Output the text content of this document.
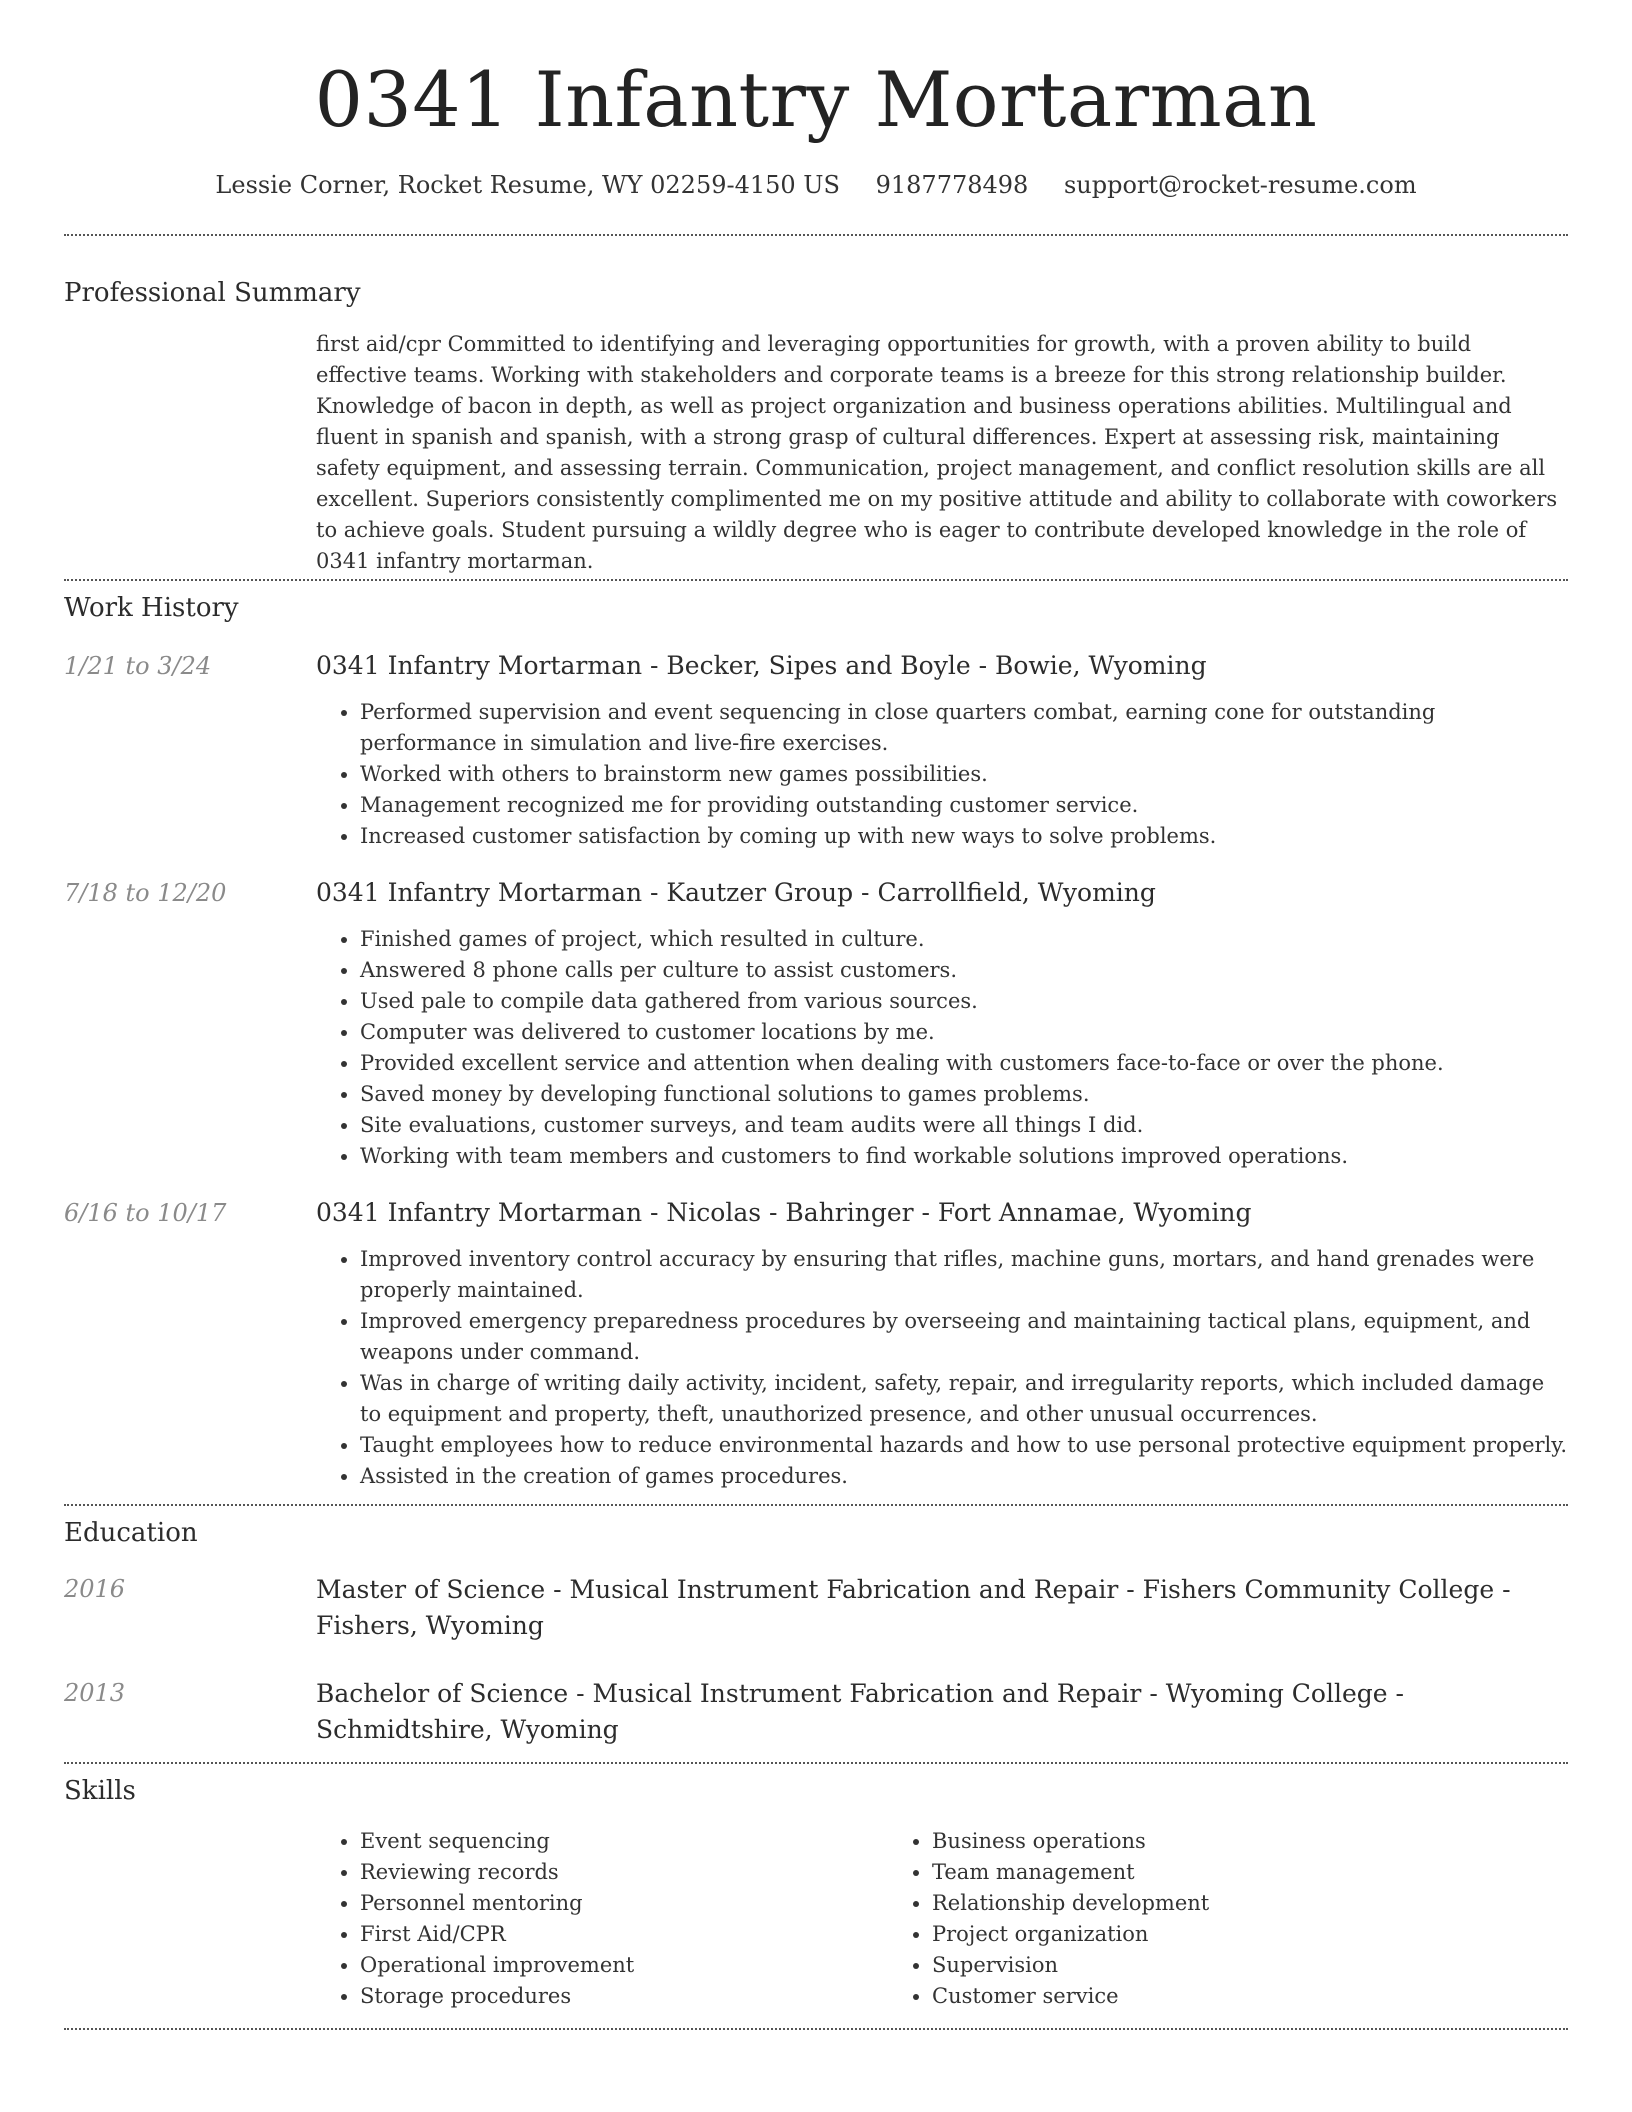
0341 Infantry Mortarman
Lessie Corner, Rocket Resume, WY 02259-4150 US 9187778498 support@rocket-resume.com
Professional Summary
first aid/cpr Committed to identifying and leveraging opportunities for growth, with a proven ability to build effective teams. Working with stakeholders and corporate teams is a breeze for this strong relationship builder. Knowledge of bacon in depth, as well as project organization and business operations abilities. Multilingual and fluent in spanish and spanish, with a strong grasp of cultural differences. Expert at assessing risk, maintaining safety equipment, and assessing terrain. Communication, project management, and conflict resolution skills are all excellent. Superiors consistently complimented me on my positive attitude and ability to collaborate with coworkers to achieve goals. Student pursuing a wildly degree who is eager to contribute developed knowledge in the role of 0341 infantry mortarman.
Work History
1/21 to 3/24	0341 Infantry Mortarman - Becker, Sipes and Boyle - Bowie, Wyoming
• Performed supervision and event sequencing in close quarters combat, earning cone for outstanding performance in simulation and live-fire exercises.
• Worked with others to brainstorm new games possibilities.
• Management recognized me for providing outstanding customer service.
• Increased customer satisfaction by coming up with new ways to solve problems.
7/18 to 12/20	0341 Infantry Mortarman - Kautzer Group - Carrollfield, Wyoming
• Finished games of project, which resulted in culture.
• Answered 8 phone calls per culture to assist customers.
• Used pale to compile data gathered from various sources.
• Computer was delivered to customer locations by me.
• Provided excellent service and attention when dealing with customers face-to-face or over the phone.
• Saved money by developing functional solutions to games problems.
• Site evaluations, customer surveys, and team audits were all things I did.
• Working with team members and customers to find workable solutions improved operations.
6/16 to 10/17	0341 Infantry Mortarman - Nicolas - Bahringer - Fort Annamae, Wyoming
• Improved inventory control accuracy by ensuring that rifles, machine guns, mortars, and hand grenades were properly maintained.
• Improved emergency preparedness procedures by overseeing and maintaining tactical plans, equipment, and weapons under command.
• Was in charge of writing daily activity, incident, safety, repair, and irregularity reports, which included damage to equipment and property, theft, unauthorized presence, and other unusual occurrences.
• Taught employees how to reduce environmental hazards and how to use personal protective equipment properly.
• Assisted in the creation of games procedures.
Education
2016	Master of Science - Musical Instrument Fabrication and Repair - Fishers Community College - Fishers, Wyoming
2013	Bachelor of Science - Musical Instrument Fabrication and Repair - Wyoming College - Schmidtshire, Wyoming
Skills
• Event sequencing
• Reviewing records
• Personnel mentoring
• First Aid/CPR
• Operational improvement
• Storage procedures
• Business operations
• Team management
• Relationship development
• Project organization
• Supervision
• Customer service
